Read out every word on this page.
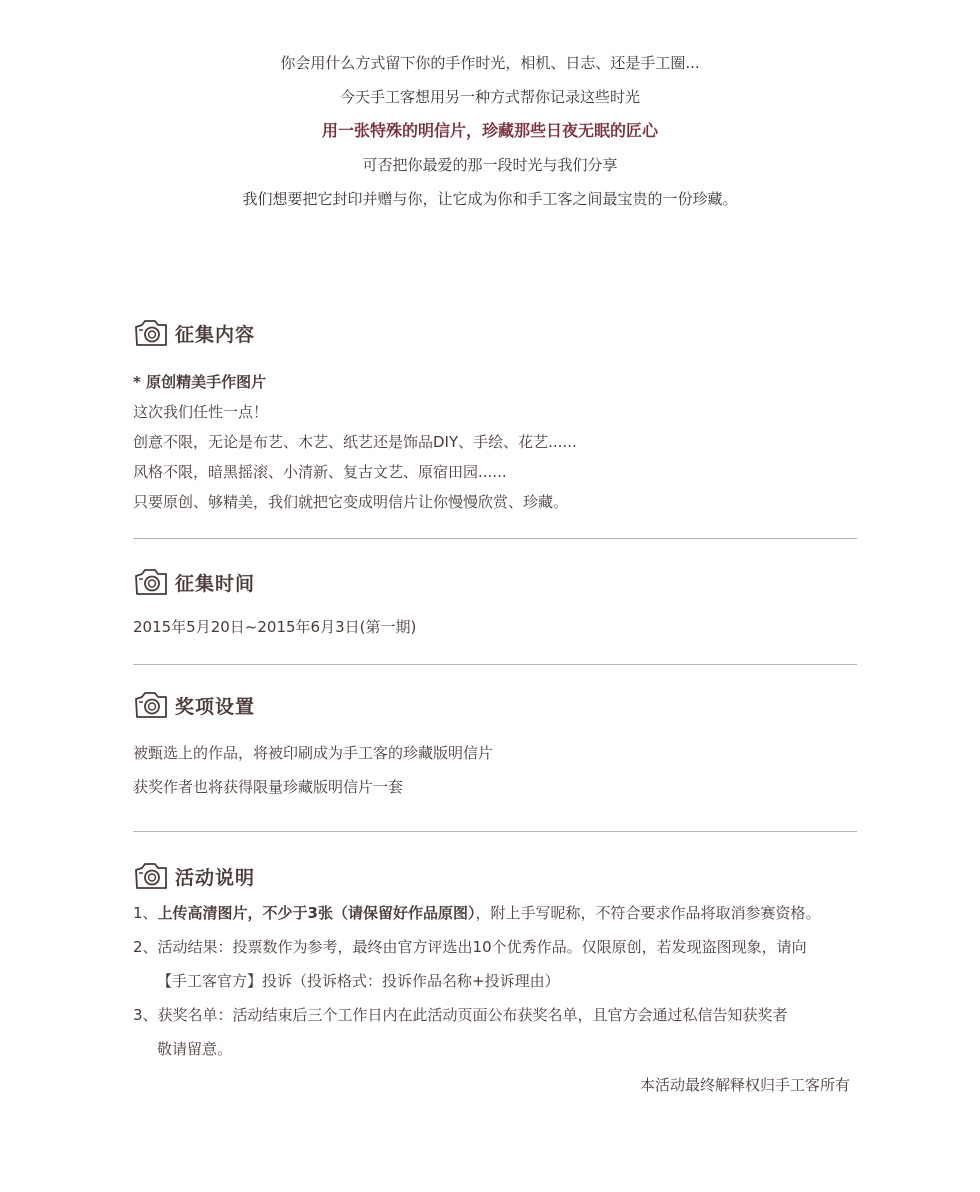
你会用什么方式留下你的手作时光，相机、日志、还是手工圈...

今天手工客想用另一种方式帮你记录这些时光

用一张特殊的明信片，珍藏那些日夜无眠的匠心

可否把你最爱的那一段时光与我们分享

我们想要把它封印并赠与你，让它成为你和手工客之间最宝贵的一份珍藏。

征集内容

* 原创精美手作图片

这次我们任性一点！

创意不限，无论是布艺、木艺、纸艺还是饰品DIY、手绘、花艺......

风格不限，暗黑摇滚、小清新、复古文艺、原宿田园......

只要原创、够精美，我们就把它变成明信片让你慢慢欣赏、珍藏。

征集时间

2015年5月20日~2015年6月3日(第一期)

奖项设置

被甄选上的作品，将被印刷成为手工客的珍藏版明信片

获奖作者也将获得限量珍藏版明信片一套

活动说明

1、上传高清图片，不少于3张（请保留好作品原图），附上手写昵称，不符合要求作品将取消参赛资格。

2、活动结果：投票数作为参考，最终由官方评选出10个优秀作品。仅限原创，若发现盗图现象，请向

【手工客官方】投诉（投诉格式：投诉作品名称+投诉理由）

3、获奖名单：活动结束后三个工作日内在此活动页面公布获奖名单，且官方会通过私信告知获奖者

敬请留意。

本活动最终解释权归手工客所有
